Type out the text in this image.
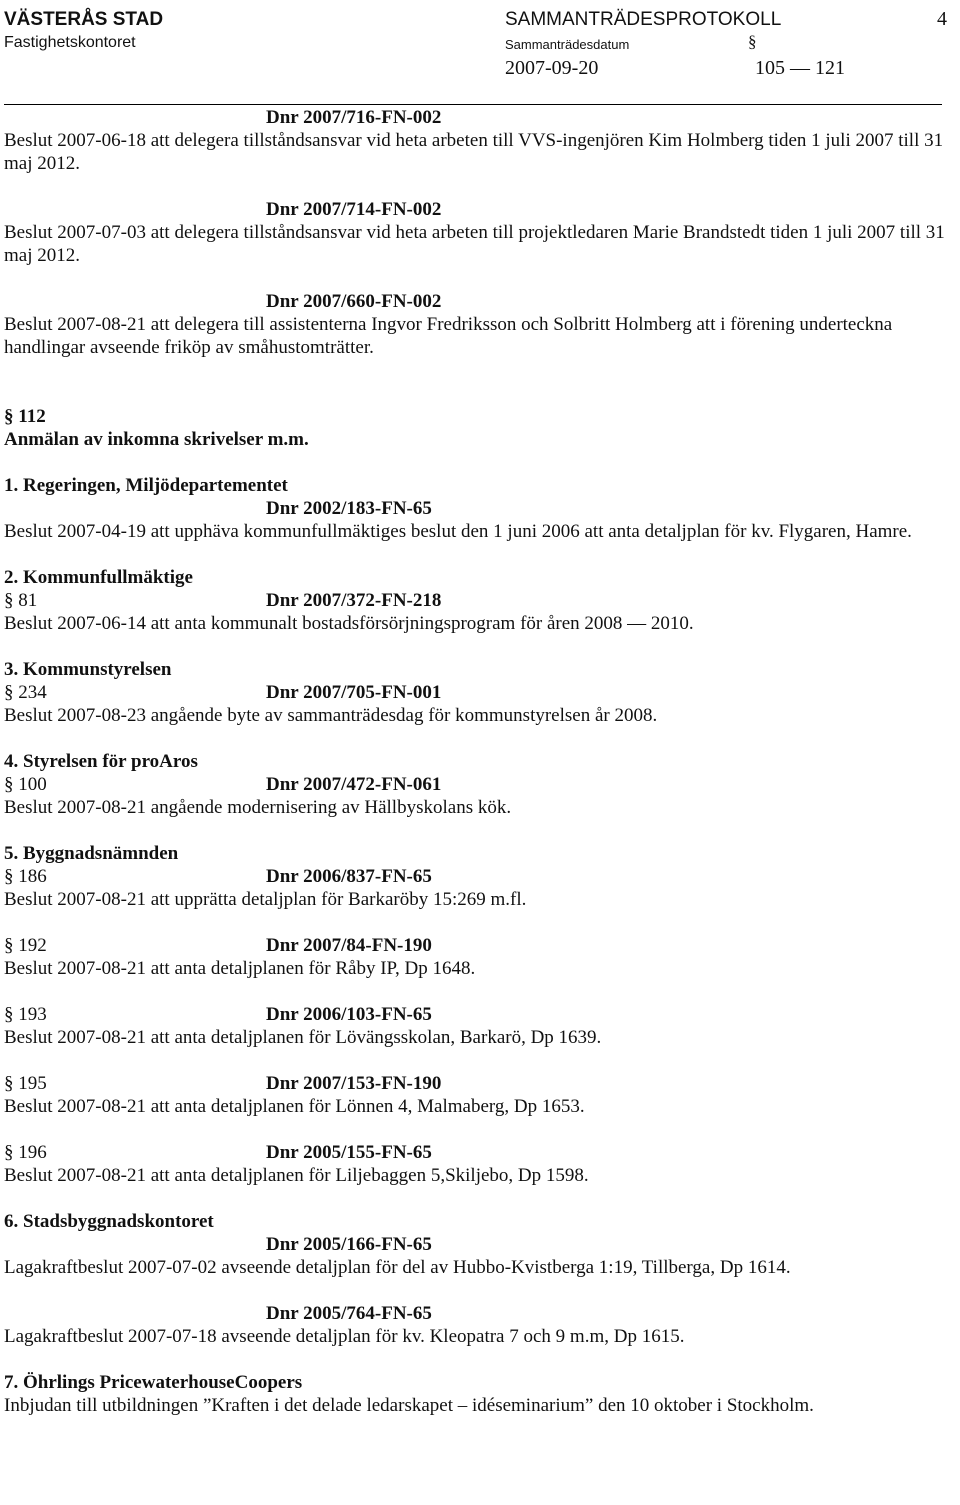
VÄSTERÅS STAD
Fastighetskontoret
SAMMANTRÄDESPROTOKOLL
Sammanträdesdatum	§
2007-09-20	105 — 121
4
Dnr 2007/716-FN-002
Beslut 2007-06-18 att delegera tillståndsansvar vid heta arbeten till VVS-ingenjören Kim Holmberg tiden 1 juli 2007 till 31 maj 2012.
Dnr 2007/714-FN-002
Beslut 2007-07-03 att delegera tillståndsansvar vid heta arbeten till projektledaren Marie Brandstedt tiden 1 juli 2007 till 31 maj 2012.
Dnr 2007/660-FN-002
Beslut 2007-08-21 att delegera till assistenterna Ingvor Fredriksson och Solbritt Holmberg att i förening underteckna handlingar avseende friköp av småhustomträtter.
§ 112
Anmälan av inkomna skrivelser m.m.
1. Regeringen, Miljödepartementet
Dnr 2002/183-FN-65
Beslut 2007-04-19 att upphäva kommunfullmäktiges beslut den 1 juni 2006 att anta detaljplan för kv. Flygaren, Hamre.
2. Kommunfullmäktige
§ 81	Dnr 2007/372-FN-218
Beslut 2007-06-14 att anta kommunalt bostadsförsörjningsprogram för åren 2008 — 2010.
3. Kommunstyrelsen
§ 234	Dnr 2007/705-FN-001
Beslut 2007-08-23 angående byte av sammanträdesdag för kommunstyrelsen år 2008.
4. Styrelsen för proAros
§ 100	Dnr 2007/472-FN-061
Beslut 2007-08-21 angående modernisering av Hällbyskolans kök.
5. Byggnadsnämnden
§ 186	Dnr 2006/837-FN-65
Beslut 2007-08-21 att upprätta detaljplan för Barkaröby 15:269 m.fl.
§ 192	Dnr 2007/84-FN-190
Beslut 2007-08-21 att anta detaljplanen för Råby IP, Dp 1648.
§ 193	Dnr 2006/103-FN-65
Beslut 2007-08-21 att anta detaljplanen för Lövängsskolan, Barkarö, Dp 1639.
§ 195	Dnr 2007/153-FN-190
Beslut 2007-08-21 att anta detaljplanen för Lönnen 4, Malmaberg, Dp 1653.
§ 196	Dnr 2005/155-FN-65
Beslut 2007-08-21 att anta detaljplanen för Liljebaggen 5,Skiljebo, Dp 1598.
6. Stadsbyggnadskontoret
Dnr 2005/166-FN-65
Lagakraftbeslut 2007-07-02 avseende detaljplan för del av Hubbo-Kvistberga 1:19, Tillberga, Dp 1614.
Dnr 2005/764-FN-65
Lagakraftbeslut 2007-07-18 avseende detaljplan för kv. Kleopatra 7 och 9 m.m, Dp 1615.
7. Öhrlings PricewaterhouseCoopers
Inbjudan till utbildningen ”Kraften i det delade ledarskapet – idéseminarium” den 10 oktober i Stockholm.
